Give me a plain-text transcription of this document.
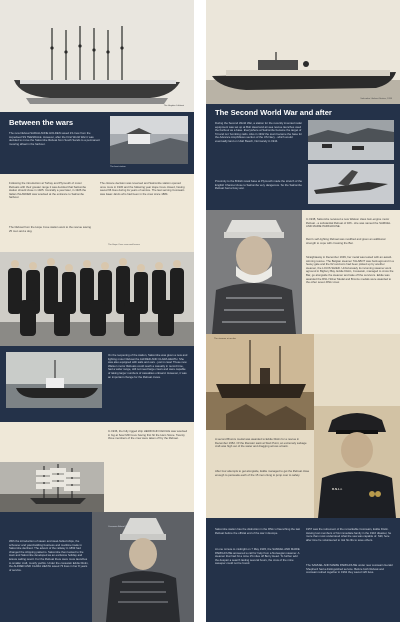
The Hayden Lifeboat
Between the wars
The new lifeboat SARAH ANNE HOLDEN saved 23 crew from the torpedoed SS TEESDALE. However, after the First World War it was decided to move the Salcombe lifeboat from South Sands to a permanent mooring afloat in the harbour.
The boat station
Following the introduction at Torbay and Plymouth of motor lifeboats with their greater range it was decided that Salcombe station should close in 1925. Ironically a year later, in 1926 the Italian ISLANDER was wrecked at the entrance to Salcombe harbour.
The lifeboat from the Hope Cove station went to the rescue saving 25 men and a dog.
The closure decision was reversed and Salcombe station opened once more in 1930 and the following year Hope Cove closed, having saved 66 lives during its years of service. The last serving Coxswain was Isaac Jarvis who had been in the crew since 1884.
The Hope Cove crew and horses
On the reopening of the station, Salcombe was given a new and lighting motor lifeboat the ALFRED AND CLARA HEATH. She was also equipped with sails and oars - just in case! These new Watson motor lifeboats could reach a casualty in record time, had a wider range, still not need large crews and were capable of taking larger numbers of casualties onboard. However, it was an important change for the lifeboat crews.
In 1936, the fully rigged ship HERZOGIN CECILIE was wrecked in fog at Soar Mill Cove having first hit the Ham Stone. Twenty three members of the crew were taken off by the lifeboat.
With the introduction of steam and steel-hulled ships, the schooner and yawl-building business and maritime trade in Salcombe declined. The advent of the railway in 1893 had changed the shipping patterns. Salcombe then looked to the town and Salcombe developed as an exclusive holiday and leisure sailing resort. For the lifeboat there were more launches to smaller craft, mostly yachts. Under the coxswain Eddie Distin, the ALFRED AND CLARA HEATH saved 73 lives in her 8 years of service.
Coxswain Edwin Distin
Salcombe Lifeboat Station, 1939
The Second World War and after
During the Second World War, a station for the recently invented radar equipment was set up at Bolt Head and air-sea rescue launches used the harbour as a base. Everywhere at Salcombe became the target of 'hit and run' bombing raids. Also in 1942 the town became the base for the Advance Amphibious section of the US Navy - which would eventually land on Utah Beach, Normandy in 1944.
Proximity to the British naval base at Plymouth made the stretch of the English Channel close to Salcombe very dangerous. So the Salcombe lifeboat had a busy war.
In 1938, Salcombe received a new Watson class twin-engine motor lifeboat - a substantial lifeboat of 46ft - she was named the SAMUEL AND MARIE PARKHOUSE.
Rein's self-righting lifeboat was modified and given an additional strength to cope with crossing the Bar.
Straightaway in December 1939, her metal was tested with an award-winning rescue. The Belgian steamer TALABOT was hard-aground in a heavy gale and the 62 survivors had been picked up by another steamer, the LOUIS SHIED. Unfortunately its incoming steamer went aground in Bigbury Bay. Eddie Distin, Coxswain, managed to cross the Bar, go alongside the steamer and take off the survivors. Eddie was awarded the RNLI Silver Medal and Bronze medals were awarded to the other seven RNLI crew.
The steamer at anchor
A second Bronze medal was awarded to Eddie Distin for a rescue in December 1952. Of the liberator sank at Start Point, an extremely salvage craft was high out of the water and dragging across a bank.
After four attempts to get alongside, Eddie managed to get the lifeboat close enough to persuade each of the 15 men clung to jump over to safety.
R.N.L.I.
Salcombe station has the distinction in the RNLI of launching the last lifeboat before the official end of the war in Europe.
At one minute to midnight on 7 May 1945, the SAMUEL AND MARIE PARKHOUSE answered a call for help from a Norwegian steamer. A steamer that had hit a mine 15 miles off Berry Head. To further add the despair a search lasting several hours, the crew of the mine sweeper could not be found.
1957 saw the retirement of the remarkable Coxswain, Eddie Distin. Having lost members of his immediate family in the 1916 disaster, he more than most understood what the sea was capable of. Still, here after time he volunteered to risk his life to save others.
The SAMUEL AND MARIE PARKHOUSE under new coxswain Gerald Shepherd had a distinguished service. Before both lifeboat and coxswain retired together in 1962 they saved 126 lives.
